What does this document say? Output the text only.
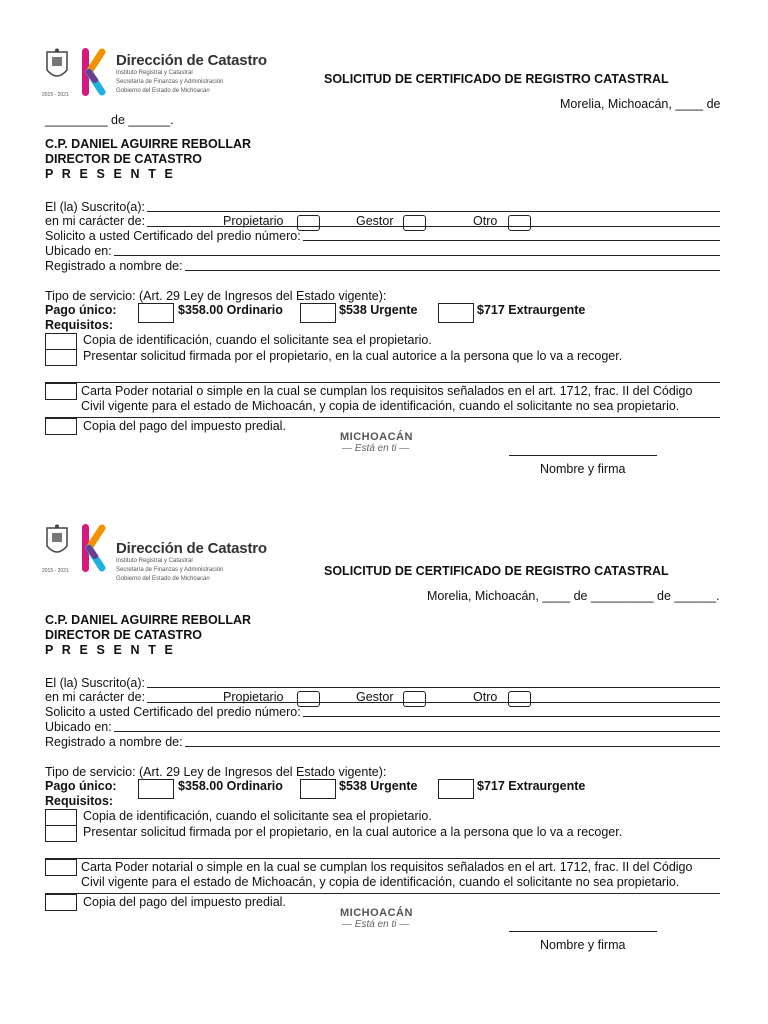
2015 - 2021
Dirección de Catastro
Instituto Registral y Catastral
Secretaría de Finanzas y Administración
Gobierno del Estado de Michoacán
SOLICITUD DE CERTIFICADO DE REGISTRO CATASTRAL
Morelia, Michoacán, ____ de
_________ de ______.
C.P. DANIEL AGUIRRE REBOLLAR
DIRECTOR DE CATASTRO
P R E S E N T E
El (la) Suscrito(a):
en mi carácter de:	Propietario	Gestor	Otro
Solicito a usted Certificado del predio número:
Ubicado en:
Registrado a nombre de:
Tipo de servicio: (Art. 29 Ley de Ingresos del Estado vigente):
Pago único:	$358.00 Ordinario	$538 Urgente	$717 Extraurgente
Requisitos:
Copia de identificación, cuando el solicitante sea el propietario.
Presentar solicitud firmada por el propietario, en la cual autorice a la persona que lo va a recoger.
Carta Poder notarial o simple en la cual se cumplan los requisitos señalados en el art. 1712, frac. II del Código
Civil vigente para el estado de Michoacán, y copia de identificación, cuando el solicitante no sea propietario.
Copia del pago del impuesto predial.
MICHOACÁN
— Está en ti —
Nombre y firma
2015 - 2021
Dirección de Catastro
Instituto Registral y Catastral
Secretaría de Finanzas y Administración
Gobierno del Estado de Michoacán
SOLICITUD DE CERTIFICADO DE REGISTRO CATASTRAL
Morelia, Michoacán, ____ de _________ de ______.
C.P. DANIEL AGUIRRE REBOLLAR
DIRECTOR DE CATASTRO
P R E S E N T E
El (la) Suscrito(a):
en mi carácter de:	Propietario	Gestor	Otro
Solicito a usted Certificado del predio número:
Ubicado en:
Registrado a nombre de:
Tipo de servicio: (Art. 29 Ley de Ingresos del Estado vigente):
Pago único:	$358.00 Ordinario	$538 Urgente	$717 Extraurgente
Requisitos:
Copia de identificación, cuando el solicitante sea el propietario.
Presentar solicitud firmada por el propietario, en la cual autorice a la persona que lo va a recoger.
Carta Poder notarial o simple en la cual se cumplan los requisitos señalados en el art. 1712, frac. II del Código
Civil vigente para el estado de Michoacán, y copia de identificación, cuando el solicitante no sea propietario.
Copia del pago del impuesto predial.
MICHOACÁN
— Está en ti —
Nombre y firma
